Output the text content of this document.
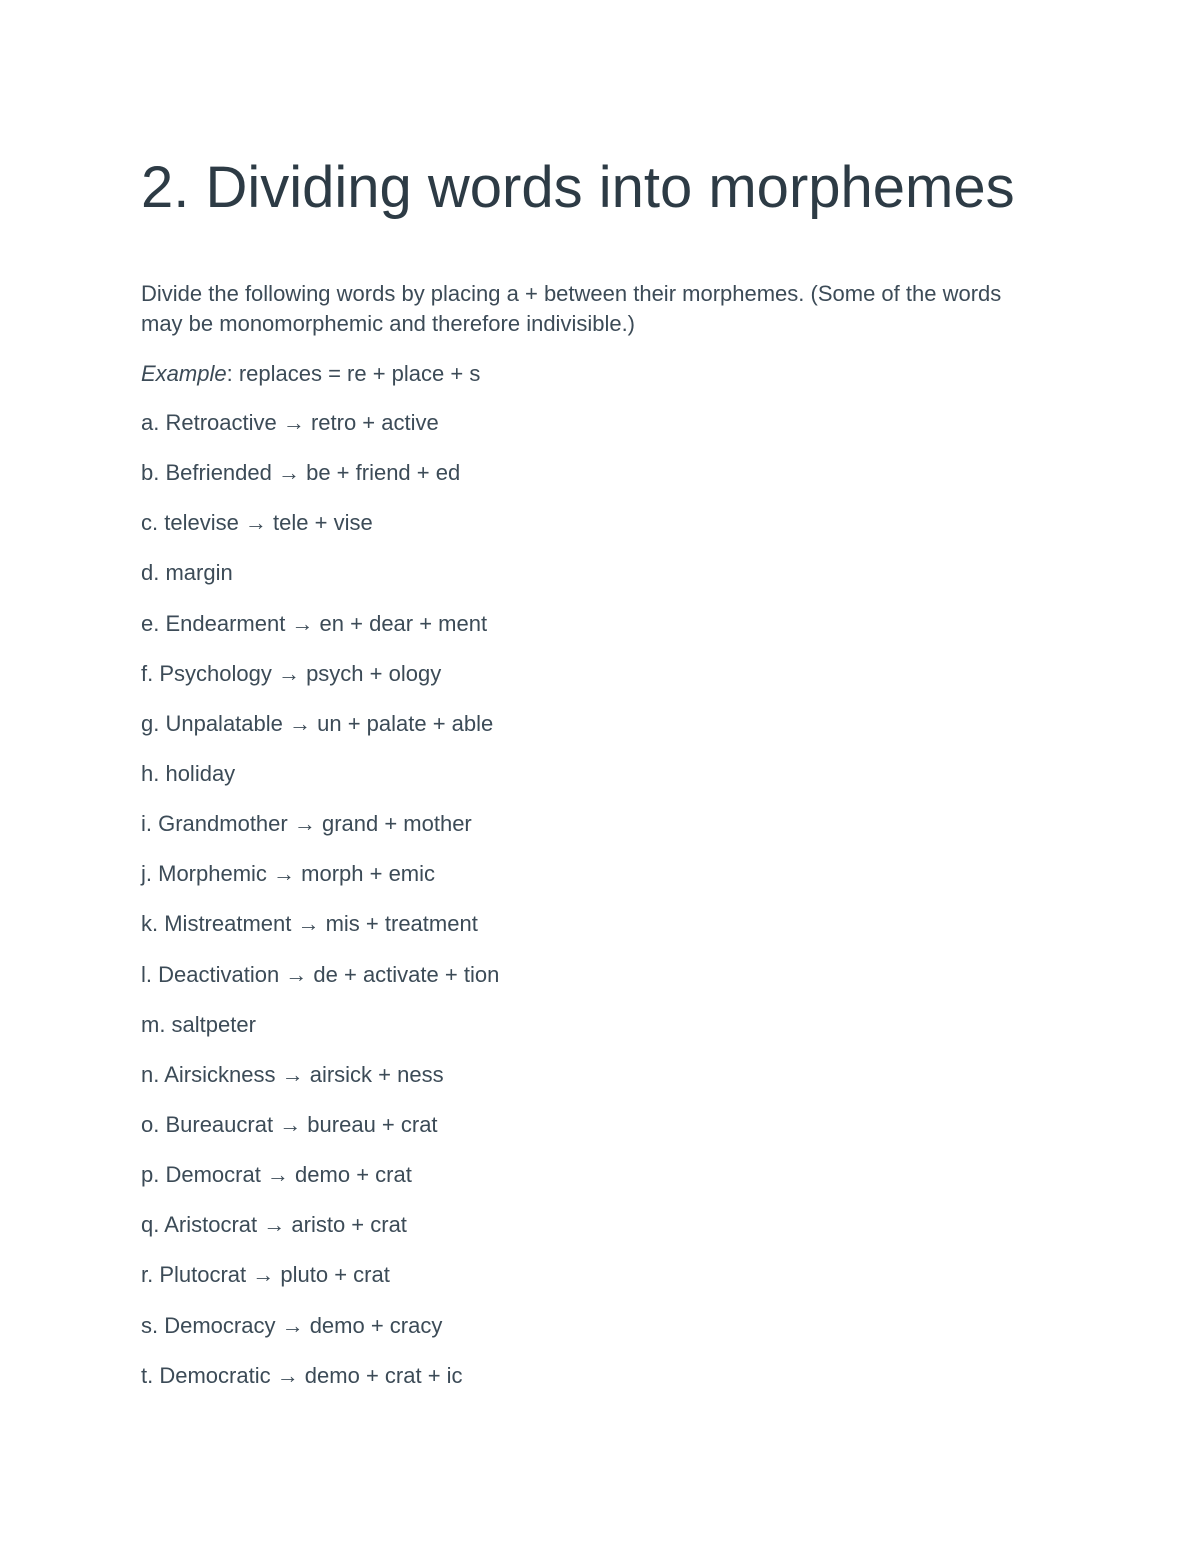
2. Dividing words into morphemes

Divide the following words by placing a + between their morphemes. (Some of the words may be monomorphemic and therefore indivisible.)

Example: replaces = re + place + s

a. Retroactive → retro + active
b. Befriended → be + friend + ed
c. televise → tele + vise
d. margin
e. Endearment → en + dear + ment
f. Psychology → psych + ology
g. Unpalatable → un + palate + able
h. holiday
i. Grandmother → grand + mother
j. Morphemic → morph + emic
k. Mistreatment → mis + treatment
l. Deactivation → de + activate + tion
m. saltpeter
n. Airsickness → airsick + ness
o. Bureaucrat → bureau + crat
p. Democrat → demo + crat
q. Aristocrat → aristo + crat
r. Plutocrat → pluto + crat
s. Democracy → demo + cracy
t. Democratic → demo + crat + ic
